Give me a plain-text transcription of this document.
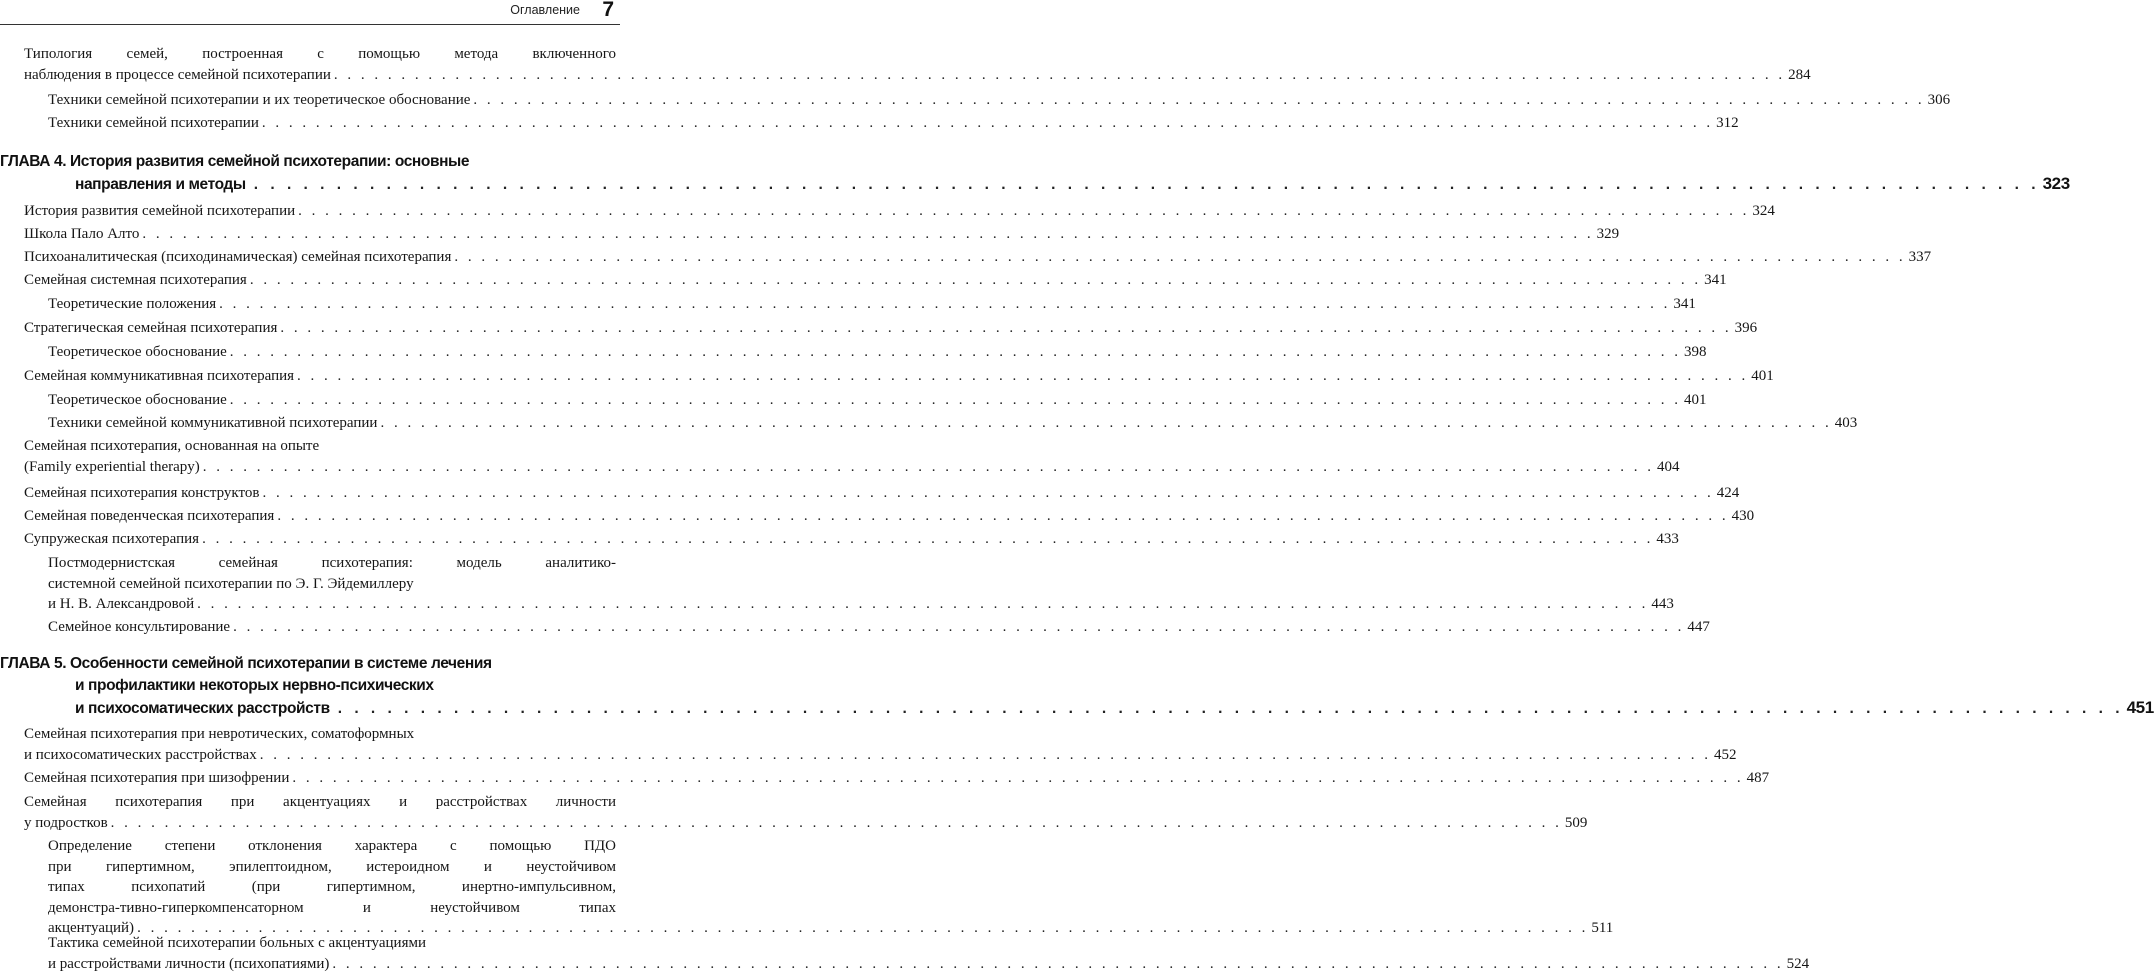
Оглавление 7
Типология семей, построенная с помощью метода включенного
наблюдения в процессе семейной психотерапии . . .	284
Техники семейной психотерапии и их теоретическое обоснование . . .	306
Техники семейной психотерапии . . .	312
ГЛАВА 4. История развития семейной психотерапии: основные
направления и методы . . .	323
История развития семейной психотерапии . . .	324
Школа Пало Алто . . .	329
Психоаналитическая (психодинамическая) семейная психотерапия . . .	337
Семейная системная психотерапия . . .	341
Теоретические положения . . .	341
Стратегическая семейная психотерапия . . .	396
Теоретическое обоснование . . .	398
Семейная коммуникативная психотерапия . . .	401
Теоретическое обоснование . . .	401
Техники семейной коммуникативной психотерапии . . .	403
Семейная психотерапия, основанная на опыте
(Family experiential therapy) . . .	404
Семейная психотерапия конструктов . . .	424
Семейная поведенческая психотерапия . . .	430
Супружеская психотерапия . . .	433
Постмодернистская семейная психотерапия: модель аналитико-
системной семейной психотерапии по Э. Г. Эйдемиллеру
и Н. В. Александровой . . .	443
Семейное консультирование . . .	447
ГЛАВА 5. Особенности семейной психотерапии в системе лечения
и профилактики некоторых нервно-психических
и психосоматических расстройств . . .	451
Семейная психотерапия при невротических, соматоформных
и психосоматических расстройствах . . .	452
Семейная психотерапия при шизофрении . . .	487
Семейная психотерапия при акцентуациях и расстройствах личности
у подростков . . .	509
Определение степени отклонения характера с помощью ПДО
при гипертимном, эпилептоидном, истероидном и неустойчивом
типах психопатий (при гипертимном, инертно-импульсивном,
демонстра-тивно-гиперкомпенсаторном и неустойчивом типах
акцентуаций) . . .	511
Тактика семейной психотерапии больных с акцентуациями
и расстройствами личности (психопатиями) . . .	524
